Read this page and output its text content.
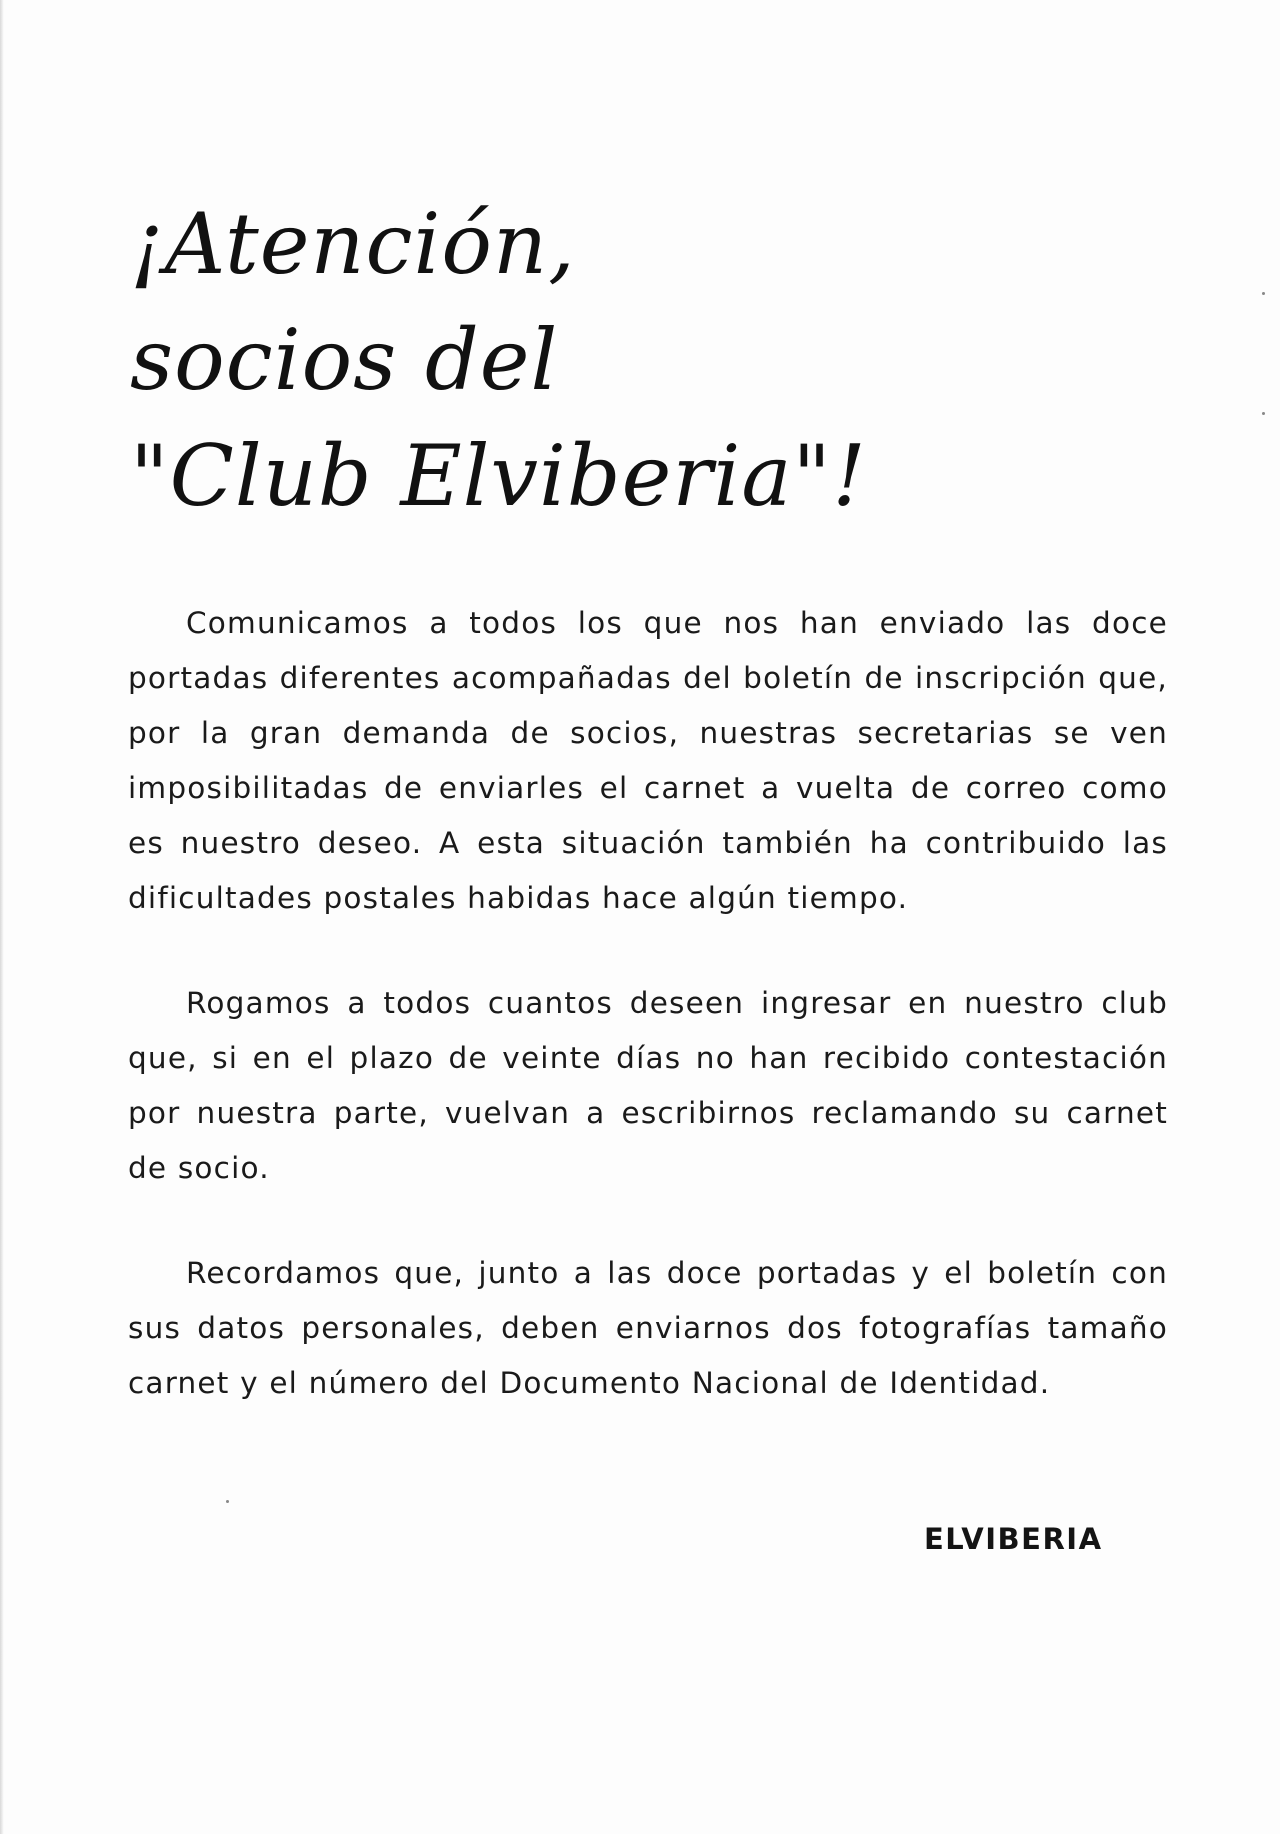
¡Atención,
socios del
"Club Elviberia"!

Comunicamos a todos los que nos han enviado las doce portadas diferentes acompañadas del boletín de inscripción que, por la gran demanda de socios, nuestras secretarias se ven imposibilitadas de enviarles el carnet a vuelta de correo como es nuestro deseo. A esta situación también ha contribuido las dificultades postales habidas hace algún tiempo.

Rogamos a todos cuantos deseen ingresar en nuestro club que, si en el plazo de veinte días no han recibido contestación por nuestra parte, vuelvan a escribirnos reclamando su carnet de socio.

Recordamos que, junto a las doce portadas y el boletín con sus datos personales, deben enviarnos dos fotografías tamaño carnet y el número del Documento Nacional de Identidad.

ELVIBERIA
